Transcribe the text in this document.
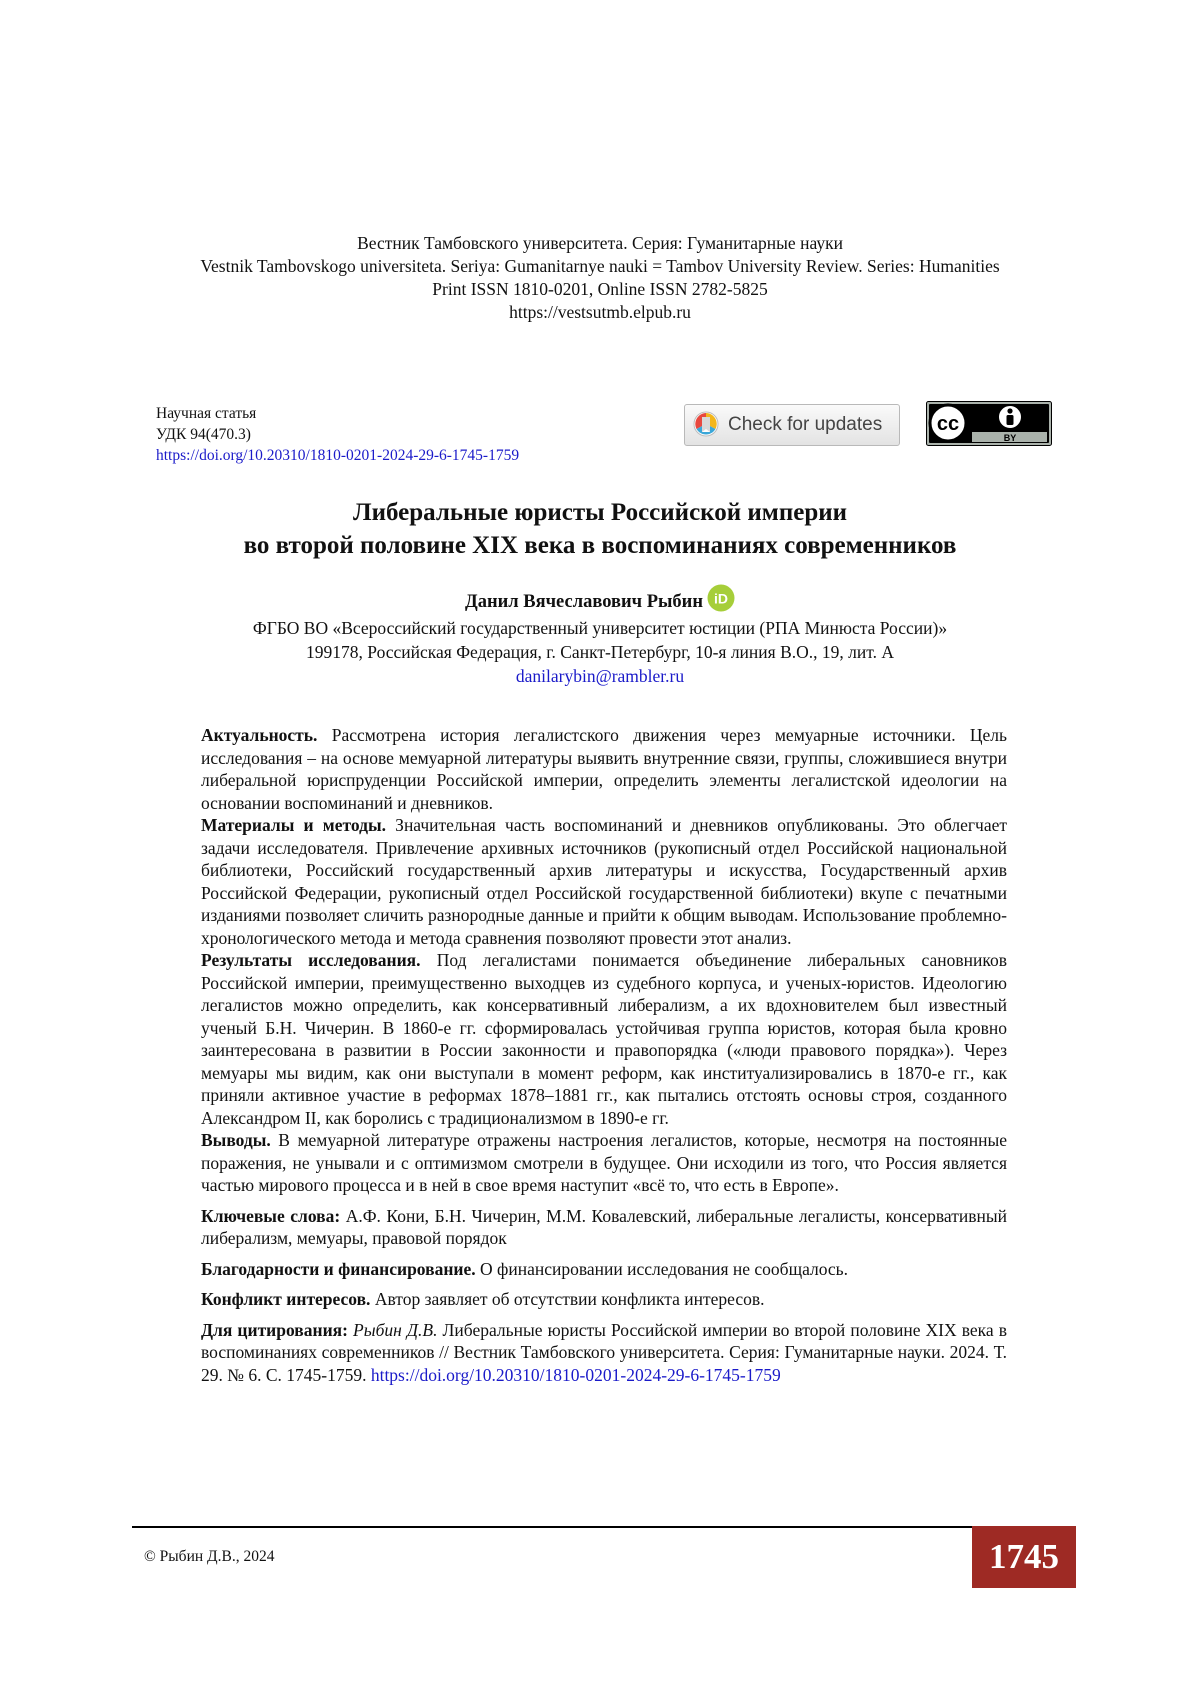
Вестник Тамбовского университета. Серия: Гуманитарные науки
Vestnik Tambovskogo universiteta. Seriya: Gumanitarnye nauki = Tambov University Review. Series: Humanities
Print ISSN 1810-0201, Online ISSN 2782-5825
https://vestsutmb.elpub.ru
Научная статья
УДК 94(470.3)
https://doi.org/10.20310/1810-0201-2024-29-6-1745-1759
Check for updates	cc
BY
Либеральные юристы Российской империи
во второй половине XIX века в воспоминаниях современников
Данил Вячеславович Рыбин iD
ФГБО ВО «Всероссийский государственный университет юстиции (РПА Минюста России)»
199178, Российская Федерация, г. Санкт-Петербург, 10-я линия В.О., 19, лит. А
danilarybin@rambler.ru

Актуальность. Рассмотрена история легалистского движения через мемуарные источники. Цель исследования – на основе мемуарной литературы выявить внутренние связи, группы, сложившиеся внутри либеральной юриспруденции Российской империи, определить элементы легалистской идеологии на основании воспоминаний и дневников.

Материалы и методы. Значительная часть воспоминаний и дневников опубликованы. Это облегчает задачи исследователя. Привлечение архивных источников (рукописный отдел Российской национальной библиотеки, Российский государственный архив литературы и искусства, Государственный архив Российской Федерации, рукописный отдел Российской государственной библиотеки) вкупе с печатными изданиями позволяет сличить разнородные данные и прийти к общим выводам. Использование проблемно-хронологического метода и метода сравнения позволяют провести этот анализ.

Результаты исследования. Под легалистами понимается объединение либеральных сановников Российской империи, преимущественно выходцев из судебного корпуса, и ученых-юристов. Идеологию легалистов можно определить, как консервативный либерализм, а их вдохновителем был известный ученый Б.Н. Чичерин. В 1860-е гг. сформировалась устойчивая группа юристов, которая была кровно заинтересована в развитии в России законности и правопорядка («люди правового порядка»). Через мемуары мы видим, как они выступали в момент реформ, как институализировались в 1870-е гг., как приняли активное участие в реформах 1878–1881 гг., как пытались отстоять основы строя, созданного Александром II, как боролись с традиционализмом в 1890-е гг.

Выводы. В мемуарной литературе отражены настроения легалистов, которые, несмотря на постоянные поражения, не унывали и с оптимизмом смотрели в будущее. Они исходили из того, что Россия является частью мирового процесса и в ней в свое время наступит «всё то, что есть в Европе».

Ключевые слова: А.Ф. Кони, Б.Н. Чичерин, М.М. Ковалевский, либеральные легалисты, консервативный либерализм, мемуары, правовой порядок

Благодарности и финансирование. О финансировании исследования не сообщалось.

Конфликт интересов. Автор заявляет об отсутствии конфликта интересов.

Для цитирования: Рыбин Д.В. Либеральные юристы Российской империи во второй половине XIX века в воспоминаниях современников // Вестник Тамбовского университета. Серия: Гуманитарные науки. 2024. Т. 29. № 6. С. 1745-1759. https://doi.org/10.20310/1810-0201-2024-29-6-1745-1759

© Рыбин Д.В., 2024	1745
